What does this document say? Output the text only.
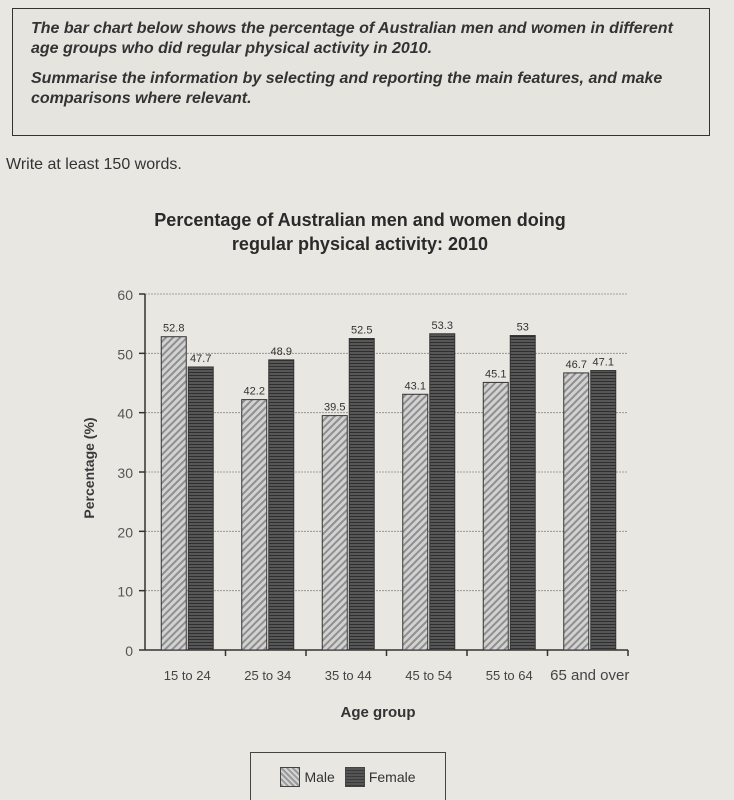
The bar chart below shows the percentage of Australian men and women in different age groups who did regular physical activity in 2010.

Summarise the information by selecting and reporting the main features, and make comparisons where relevant.

Write at least 150 words.
Percentage of Australian men and women doing
regular physical activity: 2010
Percentage (%)
Age group
0
10
20
30
40
50
60
15 to 24
52.8
47.7
25 to 34
42.2
48.9
35 to 44
39.5
52.5
45 to 54
43.1
53.3
55 to 64
45.1
53
65 and over
46.7 47.1
Male Female
